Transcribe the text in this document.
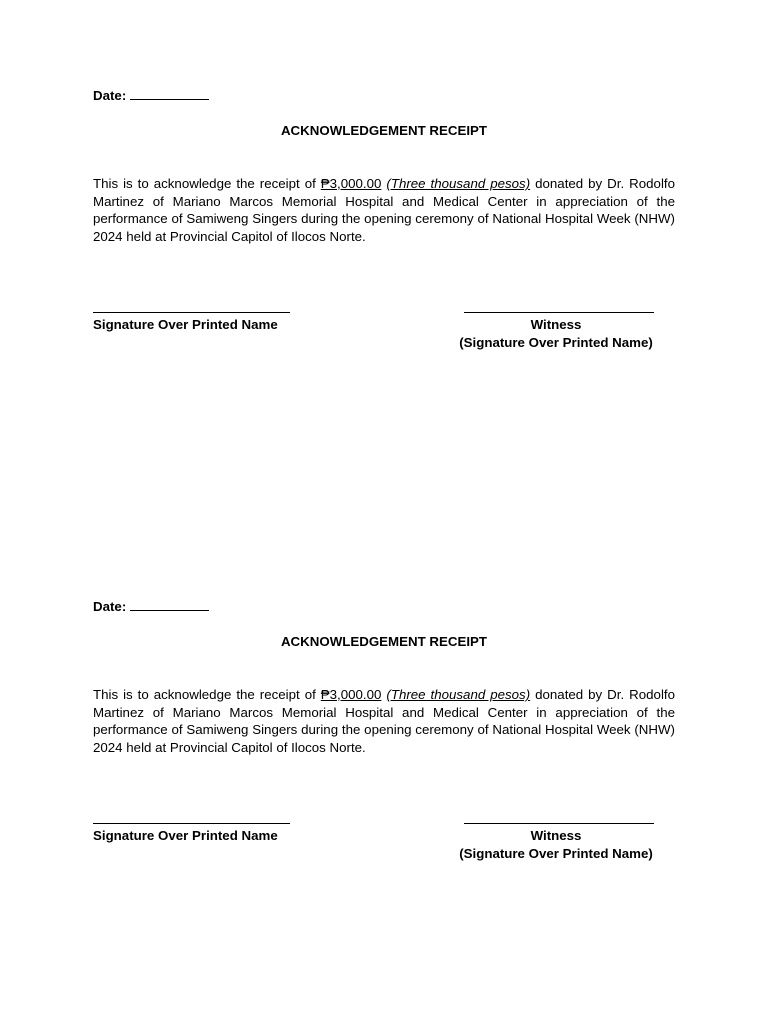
Date:
ACKNOWLEDGEMENT RECEIPT
This is to acknowledge the receipt of ₱3,000.00 (Three thousand pesos) donated by Dr. Rodolfo Martinez of Mariano Marcos Memorial Hospital and Medical Center in appreciation of the performance of Samiweng Singers during the opening ceremony of National Hospital Week (NHW) 2024 held at Provincial Capitol of Ilocos Norte.
Signature Over Printed Name	Witness
(Signature Over Printed Name)
Date:
ACKNOWLEDGEMENT RECEIPT
This is to acknowledge the receipt of ₱3,000.00 (Three thousand pesos) donated by Dr. Rodolfo Martinez of Mariano Marcos Memorial Hospital and Medical Center in appreciation of the performance of Samiweng Singers during the opening ceremony of National Hospital Week (NHW) 2024 held at Provincial Capitol of Ilocos Norte.
Signature Over Printed Name	Witness
(Signature Over Printed Name)
